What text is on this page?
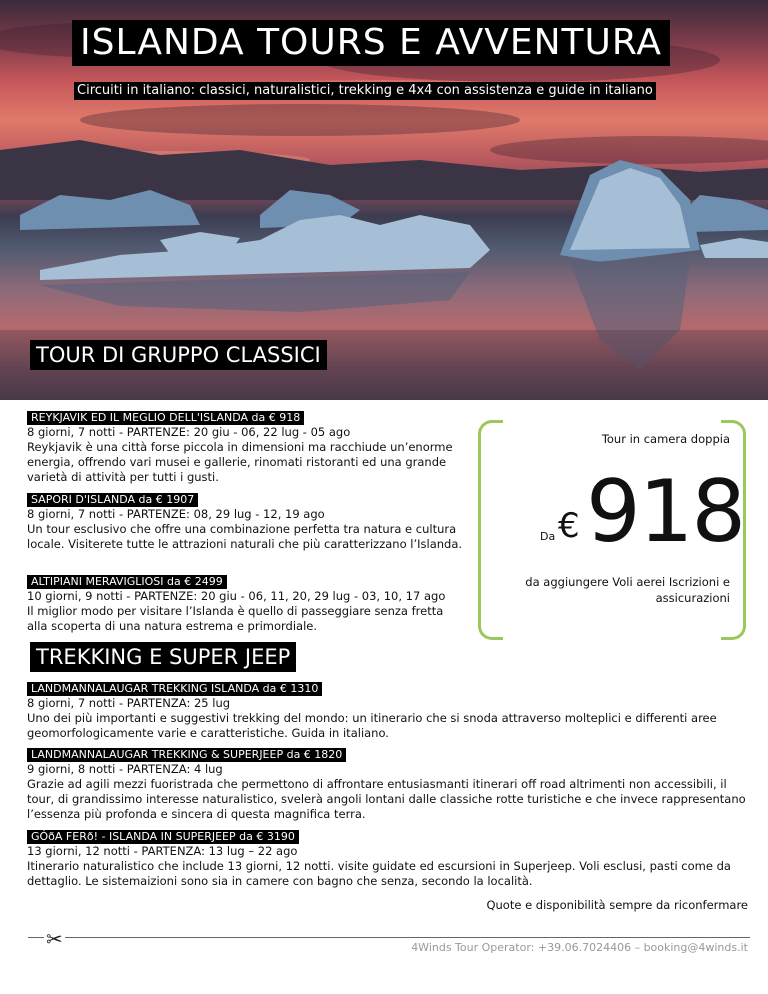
ISLANDA TOURS E AVVENTURA
Circuiti in italiano: classici, naturalistici, trekking e 4x4 con assistenza e guide in italiano
TOUR DI GRUPPO CLASSICI
REYKJAVIK ED IL MEGLIO DELL'ISLANDA da € 918
8 giorni, 7 notti - PARTENZE: 20 giu - 06, 22 lug - 05 ago
Reykjavik è una città forse piccola in dimensioni ma racchiude un’enorme energia, offrendo vari musei e gallerie, rinomati ristoranti ed una grande varietà di attività per tutti i gusti.
SAPORI D'ISLANDA da € 1907
8 giorni, 7 notti - PARTENZE: 08, 29 lug - 12, 19 ago
Un tour esclusivo che offre una combinazione perfetta tra natura e cultura locale. Visiterete tutte le attrazioni naturali che più caratterizzano l’Islanda.
ALTIPIANI MERAVIGLIOSI da € 2499
10 giorni, 9 notti - PARTENZE: 20 giu - 06, 11, 20, 29 lug - 03, 10, 17 ago
Il miglior modo per visitare l’Islanda è quello di passeggiare senza fretta alla scoperta di una natura estrema e primordiale.
Tour in camera doppia
Da € 918
da aggiungere Voli aerei Iscrizioni e assicurazioni
TREKKING E SUPER JEEP
LANDMANNALAUGAR TREKKING ISLANDA da € 1310
8 giorni, 7 notti - PARTENZA: 25 lug
Uno dei più importanti e suggestivi trekking del mondo: un itinerario che si snoda attraverso molteplici e differenti aree geomorfologicamente varie e caratteristiche. Guida in italiano.
LANDMANNALAUGAR TREKKING & SUPERJEEP da € 1820
9 giorni, 8 notti - PARTENZA: 4 lug
Grazie ad agili mezzi fuoristrada che permettono di affrontare entusiasmanti itinerari off road altrimenti non accessibili, il tour, di grandissimo interesse naturalistico, svelerà angoli lontani dalle classiche rotte turistiche e che invece rappresentano l’essenza più profonda e sincera di questa magnifica terra.
GÓðA FERð! - ISLANDA IN SUPERJEEP da € 3190
13 giorni, 12 notti - PARTENZA: 13 lug – 22 ago
Itinerario naturalistico che include 13 giorni, 12 notti. visite guidate ed escursioni in Superjeep. Voli esclusi, pasti come da dettaglio. Le sistemaizioni sono sia in camere con bagno che senza, secondo la località.
Quote e disponibilità sempre da riconfermare
✂	4Winds Tour Operator: +39.06.7024406 – booking@4winds.it
